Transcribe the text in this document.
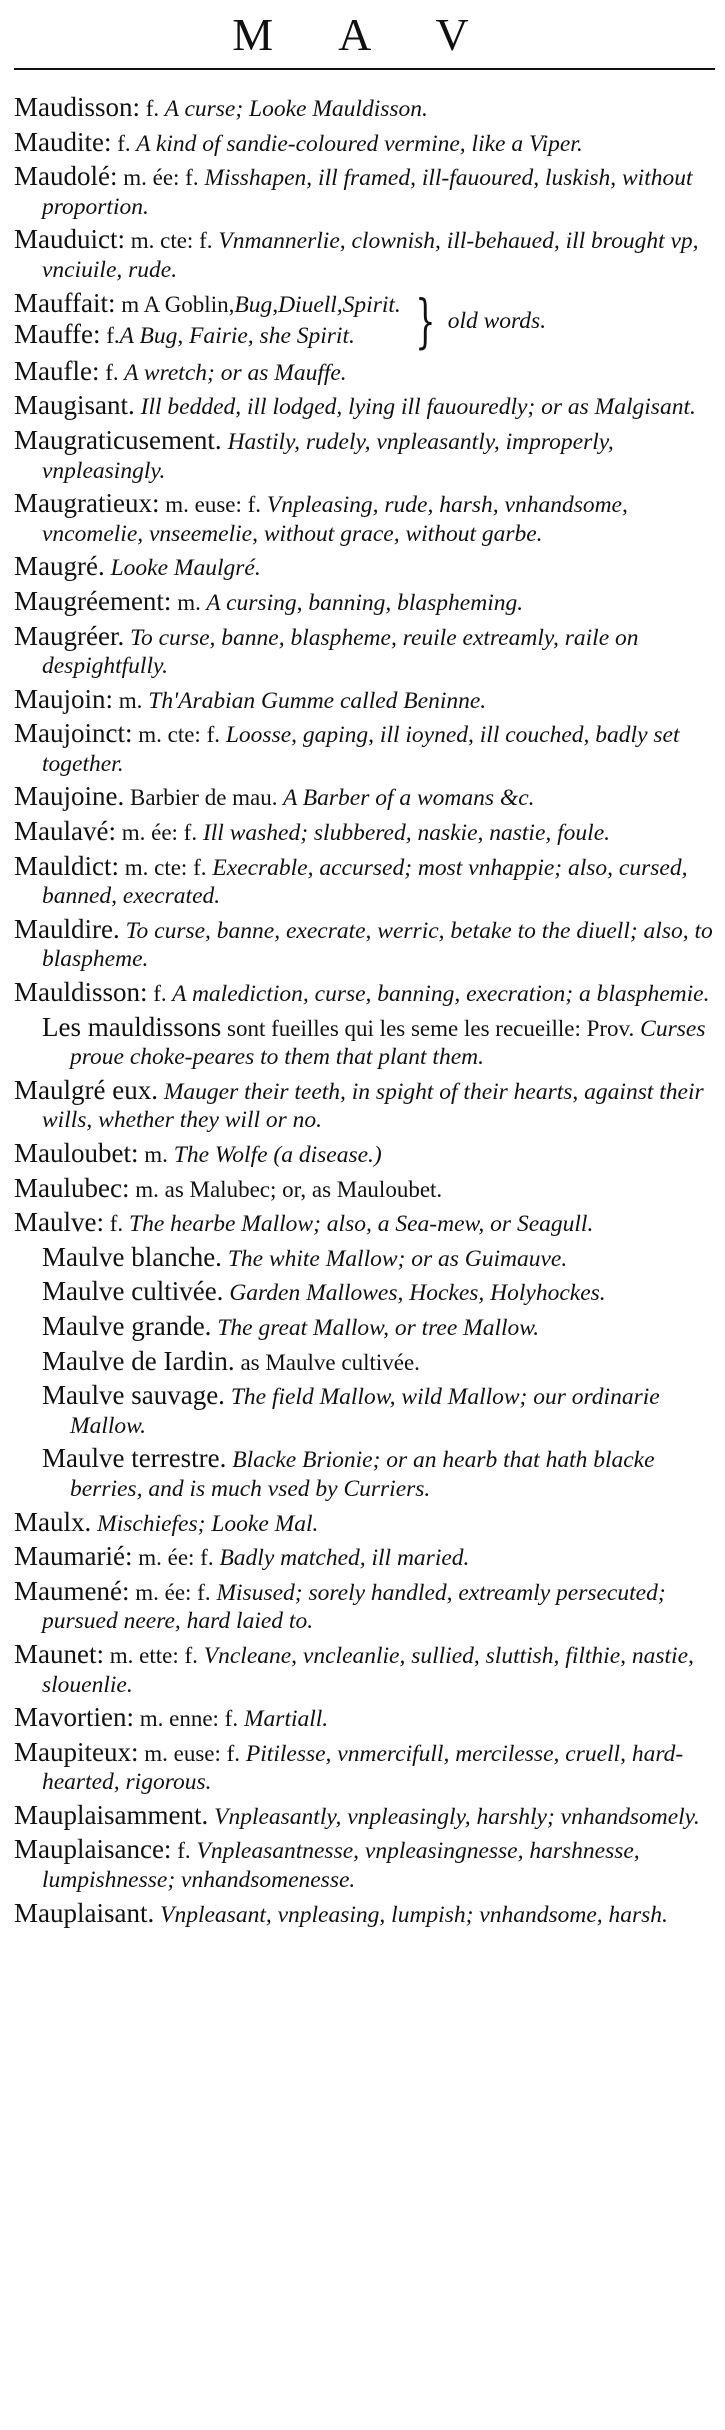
M A V
Maudisson: f. A curse; Looke Mauldisson.
Maudite: f. A kind of sandie-coloured vermine, like a Viper.
Maudolé: m. ée: f. Misshapen, ill framed, ill-fauoured, luskish, without proportion.
Mauduict: m. cte: f. Vnmannerlie, clownish, ill-behaued, ill brought vp, vnciuile, rude.
Mauffait: m A Goblin,Bug,Diuell,Spirit.
Mauffe: f.A Bug, Fairie, she Spirit.	} old words.
Maufle: f. A wretch; or as Mauffe.
Maugisant. Ill bedded, ill lodged, lying ill fauouredly; or as Malgisant.
Maugraticusement. Hastily, rudely, vnpleasantly, improperly, vnpleasingly.
Maugratieux: m. euse: f. Vnpleasing, rude, harsh, vnhandsome, vncomelie, vnseemelie, without grace, without garbe.
Maugré. Looke Maulgré.
Maugréement: m. A cursing, banning, blaspheming.
Maugréer. To curse, banne, blaspheme, reuile extreamly, raile on despightfully.
Maujoin: m. Th'Arabian Gumme called Beninne.
Maujoinct: m. cte: f. Loosse, gaping, ill ioyned, ill couched, badly set together.
Maujoine. Barbier de mau. A Barber of a womans &c.
Maulavé: m. ée: f. Ill washed; slubbered, naskie, nastie, foule.
Mauldict: m. cte: f. Execrable, accursed; most vnhappie; also, cursed, banned, execrated.
Mauldire. To curse, banne, execrate, werric, betake to the diuell; also, to blaspheme.
Mauldisson: f. A malediction, curse, banning, execration; a blasphemie.
Les mauldissons sont fueilles qui les seme les recueille: Prov. Curses proue choke-peares to them that plant them.
Maulgré eux. Mauger their teeth, in spight of their hearts, against their wills, whether they will or no.
Mauloubet: m. The Wolfe (a disease.)
Maulubec: m. as Malubec; or, as Mauloubet.
Maulve: f. The hearbe Mallow; also, a Sea-mew, or Seagull.
Maulve blanche. The white Mallow; or as Guimauve.
Maulve cultivée. Garden Mallowes, Hockes, Holyhockes.
Maulve grande. The great Mallow, or tree Mallow.
Maulve de Iardin. as Maulve cultivée.
Maulve sauvage. The field Mallow, wild Mallow; our ordinarie Mallow.
Maulve terrestre. Blacke Brionie; or an hearb that hath blacke berries, and is much vsed by Curriers.
Maulx. Mischiefes; Looke Mal.
Maumarié: m. ée: f. Badly matched, ill maried.
Maumené: m. ée: f. Misused; sorely handled, extreamly persecuted; pursued neere, hard laied to.
Maunet: m. ette: f. Vncleane, vncleanlie, sullied, sluttish, filthie, nastie, slouenlie.
Mavortien: m. enne: f. Martiall.
Maupiteux: m. euse: f. Pitilesse, vnmercifull, mercilesse, cruell, hard-hearted, rigorous.
Mauplaisamment. Vnpleasantly, vnpleasingly, harshly; vnhandsomely.
Mauplaisance: f. Vnpleasantnesse, vnpleasingnesse, harshnesse, lumpishnesse; vnhandsomenesse.
Mauplaisant. Vnpleasant, vnpleasing, lumpish; vnhandsome, harsh.
